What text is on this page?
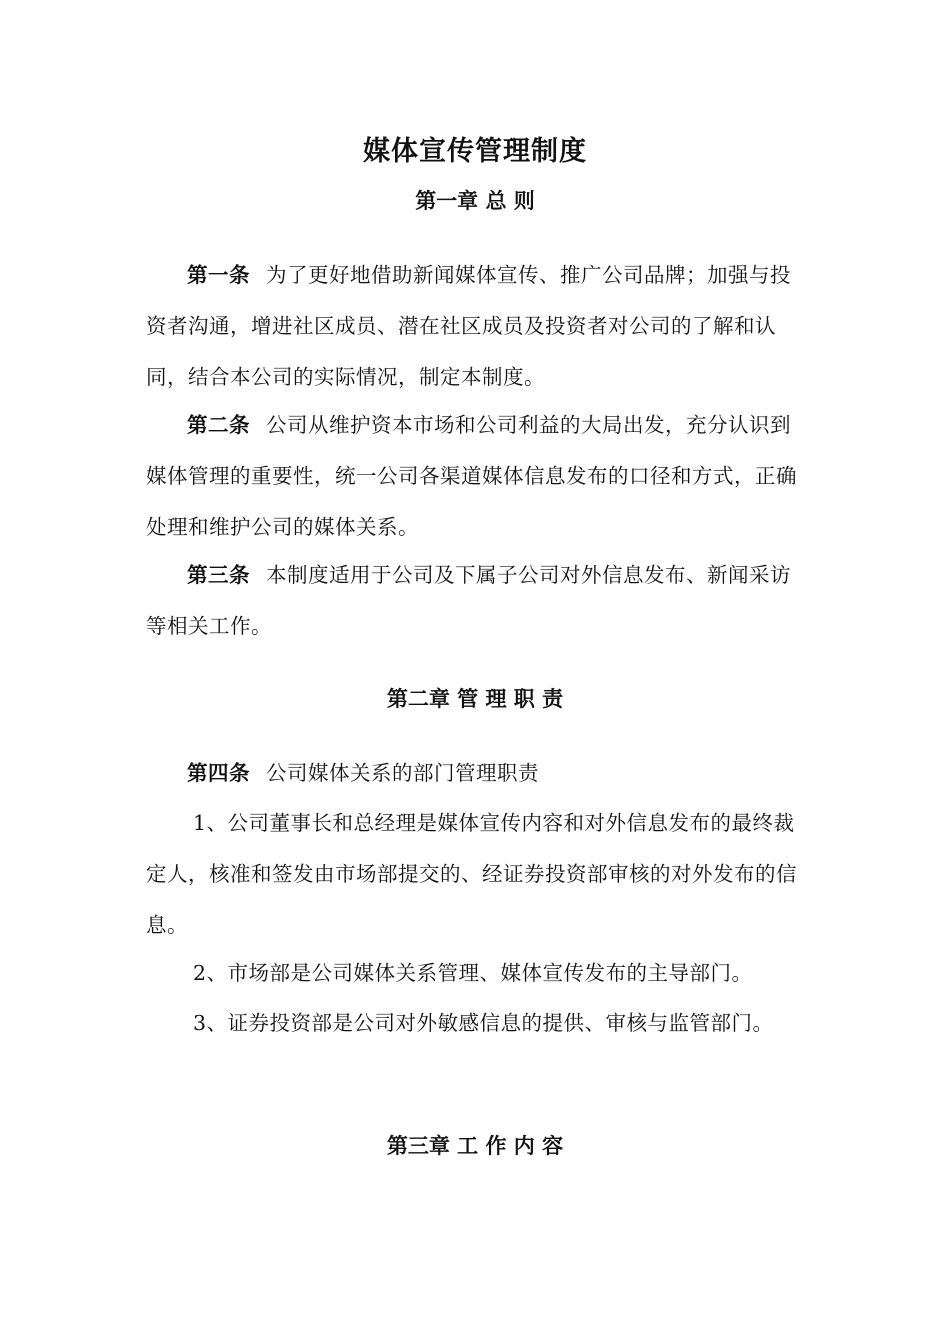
媒体宣传管理制度
第一章 总 则
第一条 为了更好地借助新闻媒体宣传、推广公司品牌；加强与投资者沟通，增进社区成员、潜在社区成员及投资者对公司的了解和认同，结合本公司的实际情况，制定本制度。
第二条 公司从维护资本市场和公司利益的大局出发，充分认识到媒体管理的重要性，统一公司各渠道媒体信息发布的口径和方式，正确处理和维护公司的媒体关系。
第三条 本制度适用于公司及下属子公司对外信息发布、新闻采访等相关工作。
第二章 管 理 职 责
第四条 公司媒体关系的部门管理职责
1、公司董事长和总经理是媒体宣传内容和对外信息发布的最终裁定人，核准和签发由市场部提交的、经证券投资部审核的对外发布的信息。
2、市场部是公司媒体关系管理、媒体宣传发布的主导部门。
3、证券投资部是公司对外敏感信息的提供、审核与监管部门。
第三章 工 作 内 容
